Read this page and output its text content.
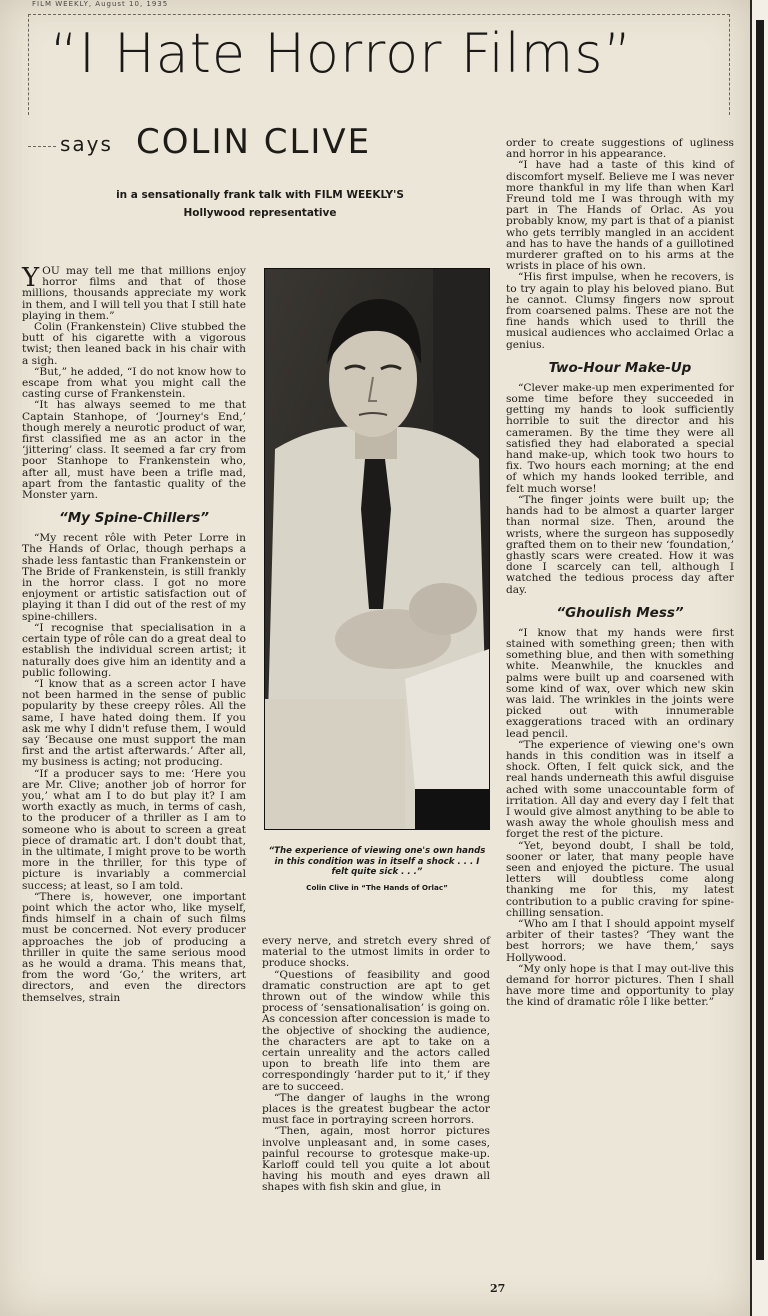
FILM WEEKLY, August 10, 1935
“I Hate Horror Films”
says COLIN CLIVE
in a sensationally frank talk with FILM WEEKLY'S
Hollywood representative

YOU may tell me that millions enjoy horror films and that of those millions, thousands appreciate my work in them, and I will tell you that I still hate playing in them.”

Colin (Frankenstein) Clive stubbed the butt of his cigarette with a vigorous twist; then leaned back in his chair with a sigh.

“But,” he added, “I do not know how to escape from what you might call the casting curse of Frankenstein.

“It has always seemed to me that Captain Stanhope, of ‘Journey's End,’ though merely a neurotic product of war, first classified me as an actor in the ‘jittering’ class. It seemed a far cry from poor Stanhope to Frankenstein who, after all, must have been a trifle mad, apart from the fantastic quality of the Monster yarn.

“My Spine-Chillers”

“My recent rôle with Peter Lorre in The Hands of Orlac, though perhaps a shade less fantastic than Frankenstein or The Bride of Frankenstein, is still frankly in the horror class. I got no more enjoyment or artistic satisfaction out of playing it than I did out of the rest of my spine-chillers.

“I recognise that specialisation in a certain type of rôle can do a great deal to establish the individual screen artist; it naturally does give him an identity and a public following.

“I know that as a screen actor I have not been harmed in the sense of public popularity by these creepy rôles. All the same, I have hated doing them. If you ask me why I didn't refuse them, I would say ‘Because one must support the man first and the artist afterwards.’ After all, my business is acting; not producing.

“If a producer says to me: ‘Here you are Mr. Clive; another job of horror for you,’ what am I to do but play it? I am worth exactly as much, in terms of cash, to the producer of a thriller as I am to someone who is about to screen a great piece of dramatic art. I don't doubt that, in the ultimate, I might prove to be worth more in the thriller, for this type of picture is invariably a commercial success; at least, so I am told.

“There is, however, one important point which the actor who, like myself, finds himself in a chain of such films must be concerned. Not every producer approaches the job of producing a thriller in quite the same serious mood as he would a drama. This means that, from the word ‘Go,’ the writers, art directors, and even the directors themselves, strain

“The experience of viewing one's own hands in this condition was in itself a shock . . . I felt quite sick . . .”
Colin Clive in “The Hands of Orlac”

every nerve, and stretch every shred of material to the utmost limits in order to produce shocks.

“Questions of feasibility and good dramatic construction are apt to get thrown out of the window while this process of ‘sensationalisation’ is going on. As concession after concession is made to the objective of shocking the audience, the characters are apt to take on a certain unreality and the actors called upon to breath life into them are correspondingly ‘harder put to it,’ if they are to succeed.

“The danger of laughs in the wrong places is the greatest bugbear the actor must face in portraying screen horrors.

“Then, again, most horror pictures involve unpleasant and, in some cases, painful recourse to grotesque make-up. Karloff could tell you quite a lot about having his mouth and eyes drawn all shapes with fish skin and glue, in

order to create suggestions of ugliness and horror in his appearance.

“I have had a taste of this kind of discomfort myself. Believe me I was never more thankful in my life than when Karl Freund told me I was through with my part in The Hands of Orlac. As you probably know, my part is that of a pianist who gets terribly mangled in an accident and has to have the hands of a guillotined murderer grafted on to his arms at the wrists in place of his own.

“His first impulse, when he recovers, is to try again to play his beloved piano. But he cannot. Clumsy fingers now sprout from coarsened palms. These are not the fine hands which used to thrill the musical audiences who acclaimed Orlac a genius.

Two-Hour Make-Up

“Clever make-up men experimented for some time before they succeeded in getting my hands to look sufficiently horrible to suit the director and his cameramen. By the time they were all satisfied they had elaborated a special hand make-up, which took two hours to fix. Two hours each morning; at the end of which my hands looked terrible, and felt much worse!

“The finger joints were built up; the hands had to be almost a quarter larger than normal size. Then, around the wrists, where the surgeon has supposedly grafted them on to their new ‘foundation,’ ghastly scars were created. How it was done I scarcely can tell, although I watched the tedious process day after day.

“Ghoulish Mess”

“I know that my hands were first stained with something green; then with something blue, and then with something white. Meanwhile, the knuckles and palms were built up and coarsened with some kind of wax, over which new skin was laid. The wrinkles in the joints were picked out with innumerable exaggerations traced with an ordinary lead pencil.

“The experience of viewing one's own hands in this condition was in itself a shock. Often, I felt quick sick, and the real hands underneath this awful disguise ached with some unaccountable form of irritation. All day and every day I felt that I would give almost anything to be able to wash away the whole ghoulish mess and forget the rest of the picture.

“Yet, beyond doubt, I shall be told, sooner or later, that many people have seen and enjoyed the picture. The usual letters will doubtless come along thanking me for this, my latest contribution to a public craving for spine-chilling sensation.

“Who am I that I should appoint myself arbiter of their tastes? ‘They want the best horrors; we have them,’ says Hollywood.

“My only hope is that I may out-live this demand for horror pictures. Then I shall have more time and opportunity to play the kind of dramatic rôle I like better.”

27
